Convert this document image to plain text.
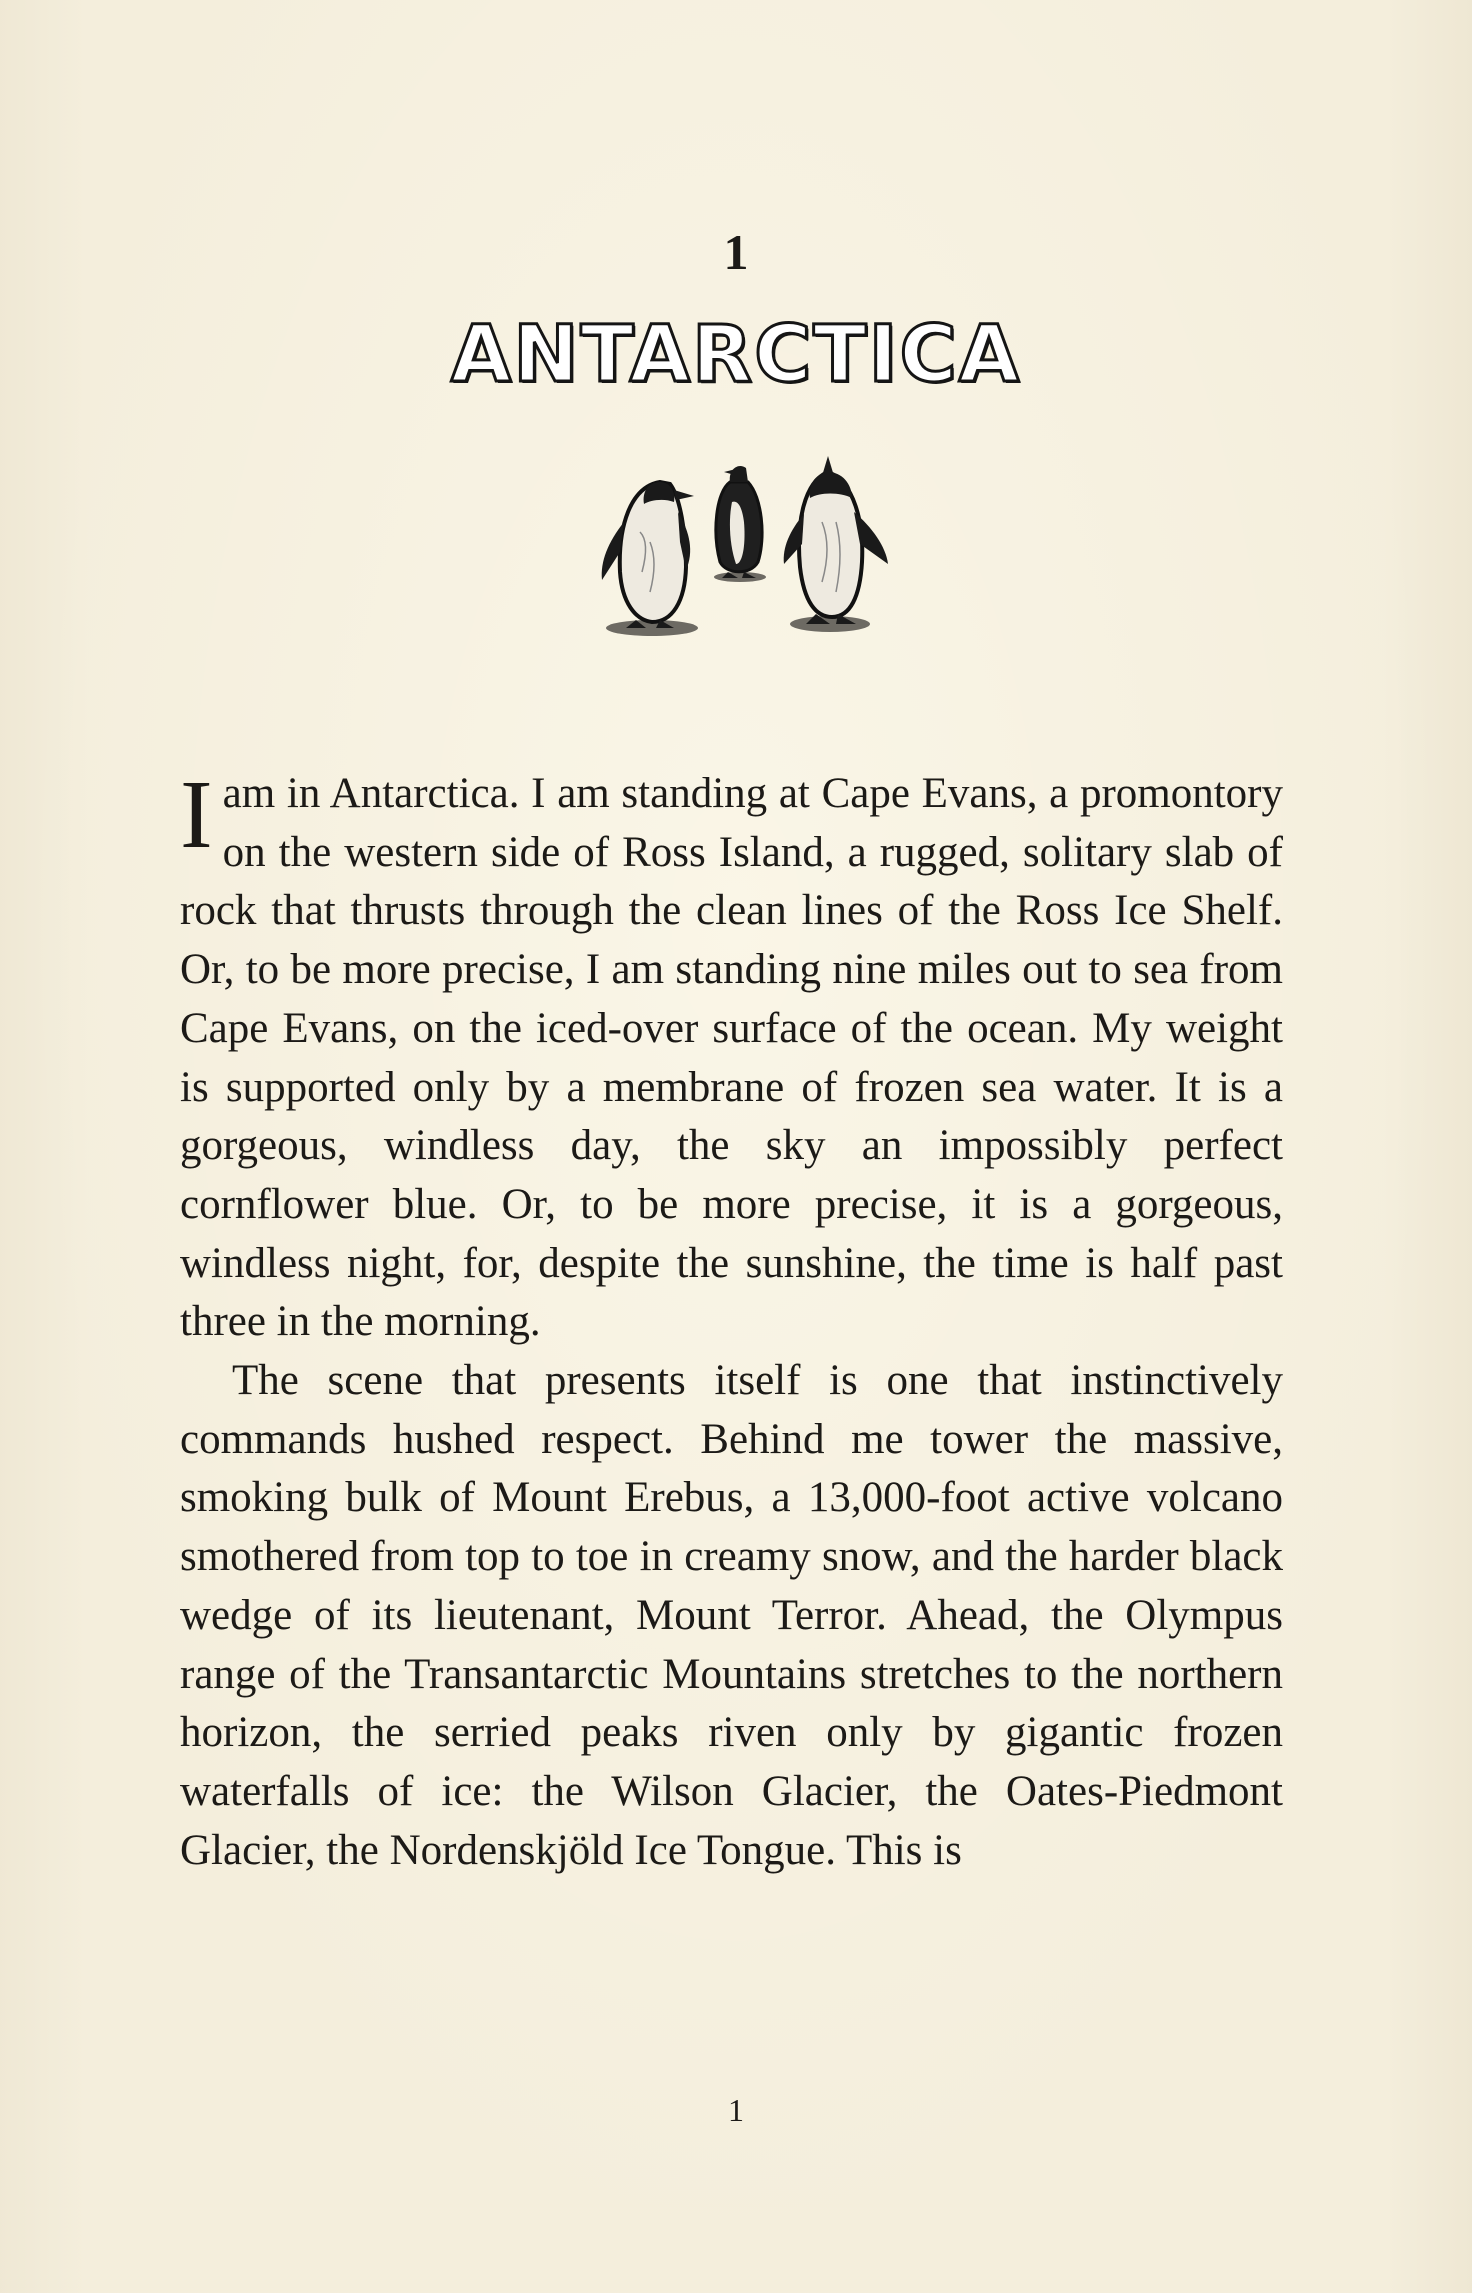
1
ANTARCTICA

Iam in Antarctica. I am standing at Cape Evans, a promontory on the western side of Ross Island, a rugged, solitary slab of rock that thrusts through the clean lines of the Ross Ice Shelf. Or, to be more precise, I am standing nine miles out to sea from Cape Evans, on the iced-over surface of the ocean. My weight is supported only by a membrane of frozen sea water. It is a gorgeous, windless day, the sky an impossibly perfect cornflower blue. Or, to be more precise, it is a gorgeous, windless night, for, despite the sunshine, the time is half past three in the morning.

The scene that presents itself is one that instinctively commands hushed respect. Behind me tower the massive, smoking bulk of Mount Erebus, a 13,000-foot active volcano smothered from top to toe in creamy snow, and the harder black wedge of its lieutenant, Mount Terror. Ahead, the Olympus range of the Transantarctic Mountains stretches to the northern horizon, the serried peaks riven only by gigantic frozen waterfalls of ice: the Wilson Glacier, the Oates-Piedmont Glacier, the Nordenskjöld Ice Tongue. This is

1
